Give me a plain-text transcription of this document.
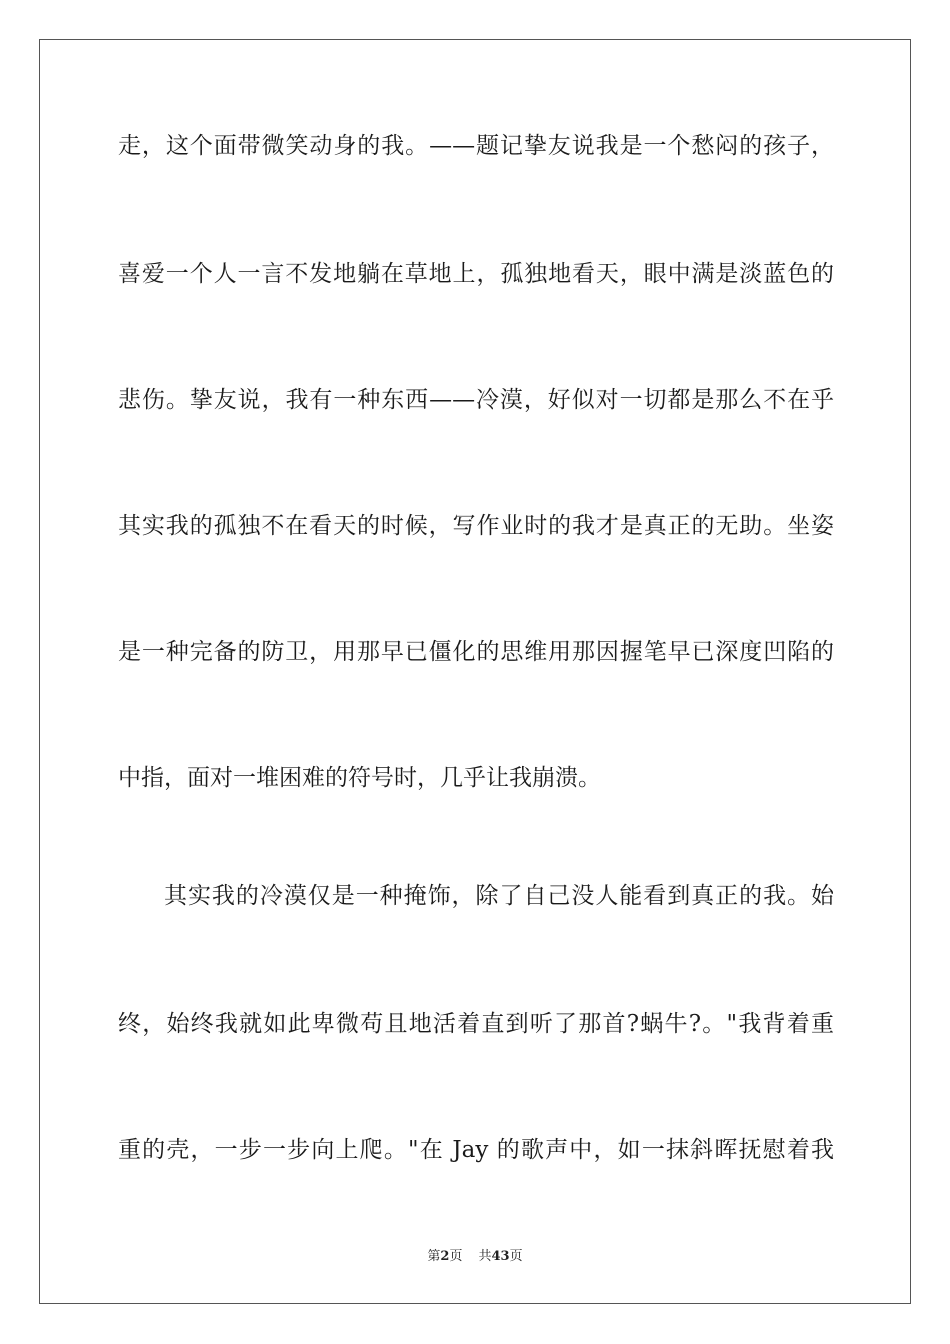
走，这个面带微笑动身的我。——题记挚友说我是一个愁闷的孩子，
喜爱一个人一言不发地躺在草地上，孤独地看天，眼中满是淡蓝色的
悲伤。挚友说，我有一种东西——冷漠，好似对一切都是那么不在乎
其实我的孤独不在看天的时候，写作业时的我才是真正的无助。坐姿
是一种完备的防卫，用那早已僵化的思维用那因握笔早已深度凹陷的
中指，面对一堆困难的符号时，几乎让我崩溃。
其实我的冷漠仅是一种掩饰，除了自己没人能看到真正的我。始
终，始终我就如此卑微苟且地活着直到听了那首?蜗牛?。"我背着重
重的壳，一步一步向上爬。"在 Jay 的歌声中，如一抹斜晖抚慰着我
第2页 共43页
